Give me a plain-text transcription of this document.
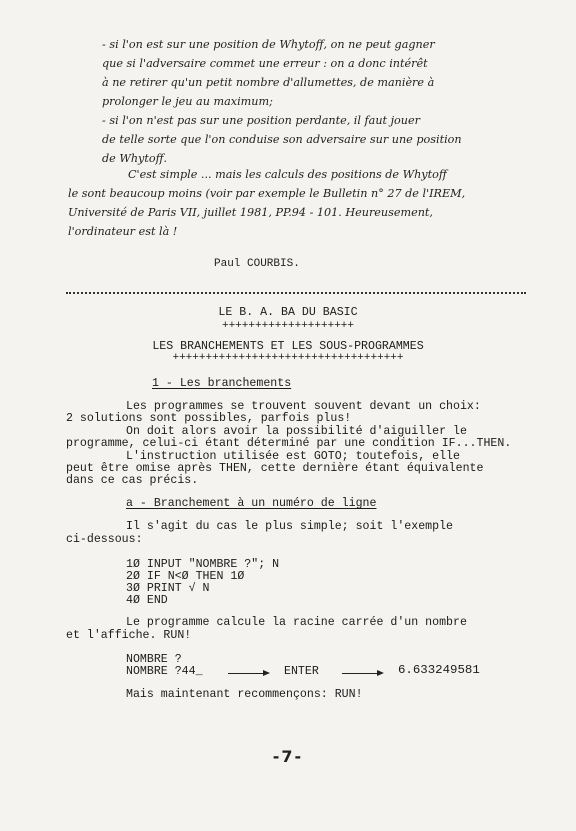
- si l'on est sur une position de Whytoff, on ne peut gagner
que si l'adversaire commet une erreur : on a donc intérêt
à ne retirer qu'un petit nombre d'allumettes, de manière à
prolonger le jeu au maximum;
- si l'on n'est pas sur une position perdante, il faut jouer
de telle sorte que l'on conduise son adversaire sur une position
de Whytoff.
C'est simple ... mais les calculs des positions de Whytoff
le sont beaucoup moins (voir par exemple le Bulletin n° 27 de l'IREM,
Université de Paris VII, juillet 1981, PP.94 - 101. Heureusement,
l'ordinateur est là !
Paul COURBIS.
LE B. A. BA DU BASIC
++++++++++++++++++++
LES BRANCHEMENTS ET LES SOUS-PROGRAMMES
+++++++++++++++++++++++++++++++++++
1 - Les branchements
Les programmes se trouvent souvent devant un choix:
2 solutions sont possibles, parfois plus!
On doit alors avoir la possibilité d'aiguiller le
programme, celui-ci étant déterminé par une condition IF...THEN.
L'instruction utilisée est GOTO; toutefois, elle
peut être omise après THEN, cette dernière étant équivalente
dans ce cas précis.
a - Branchement à un numéro de ligne
Il s'agit du cas le plus simple; soit l'exemple
ci-dessous:
1Ø INPUT "NOMBRE ?"; N
2Ø IF N<Ø THEN 1Ø
3Ø PRINT √ N
4Ø END
Le programme calcule la racine carrée d'un nombre
et l'affiche. RUN!
NOMBRE ?
NOMBRE ?44_	ENTER	6.633249581
Mais maintenant recommençons: RUN!
-7-
